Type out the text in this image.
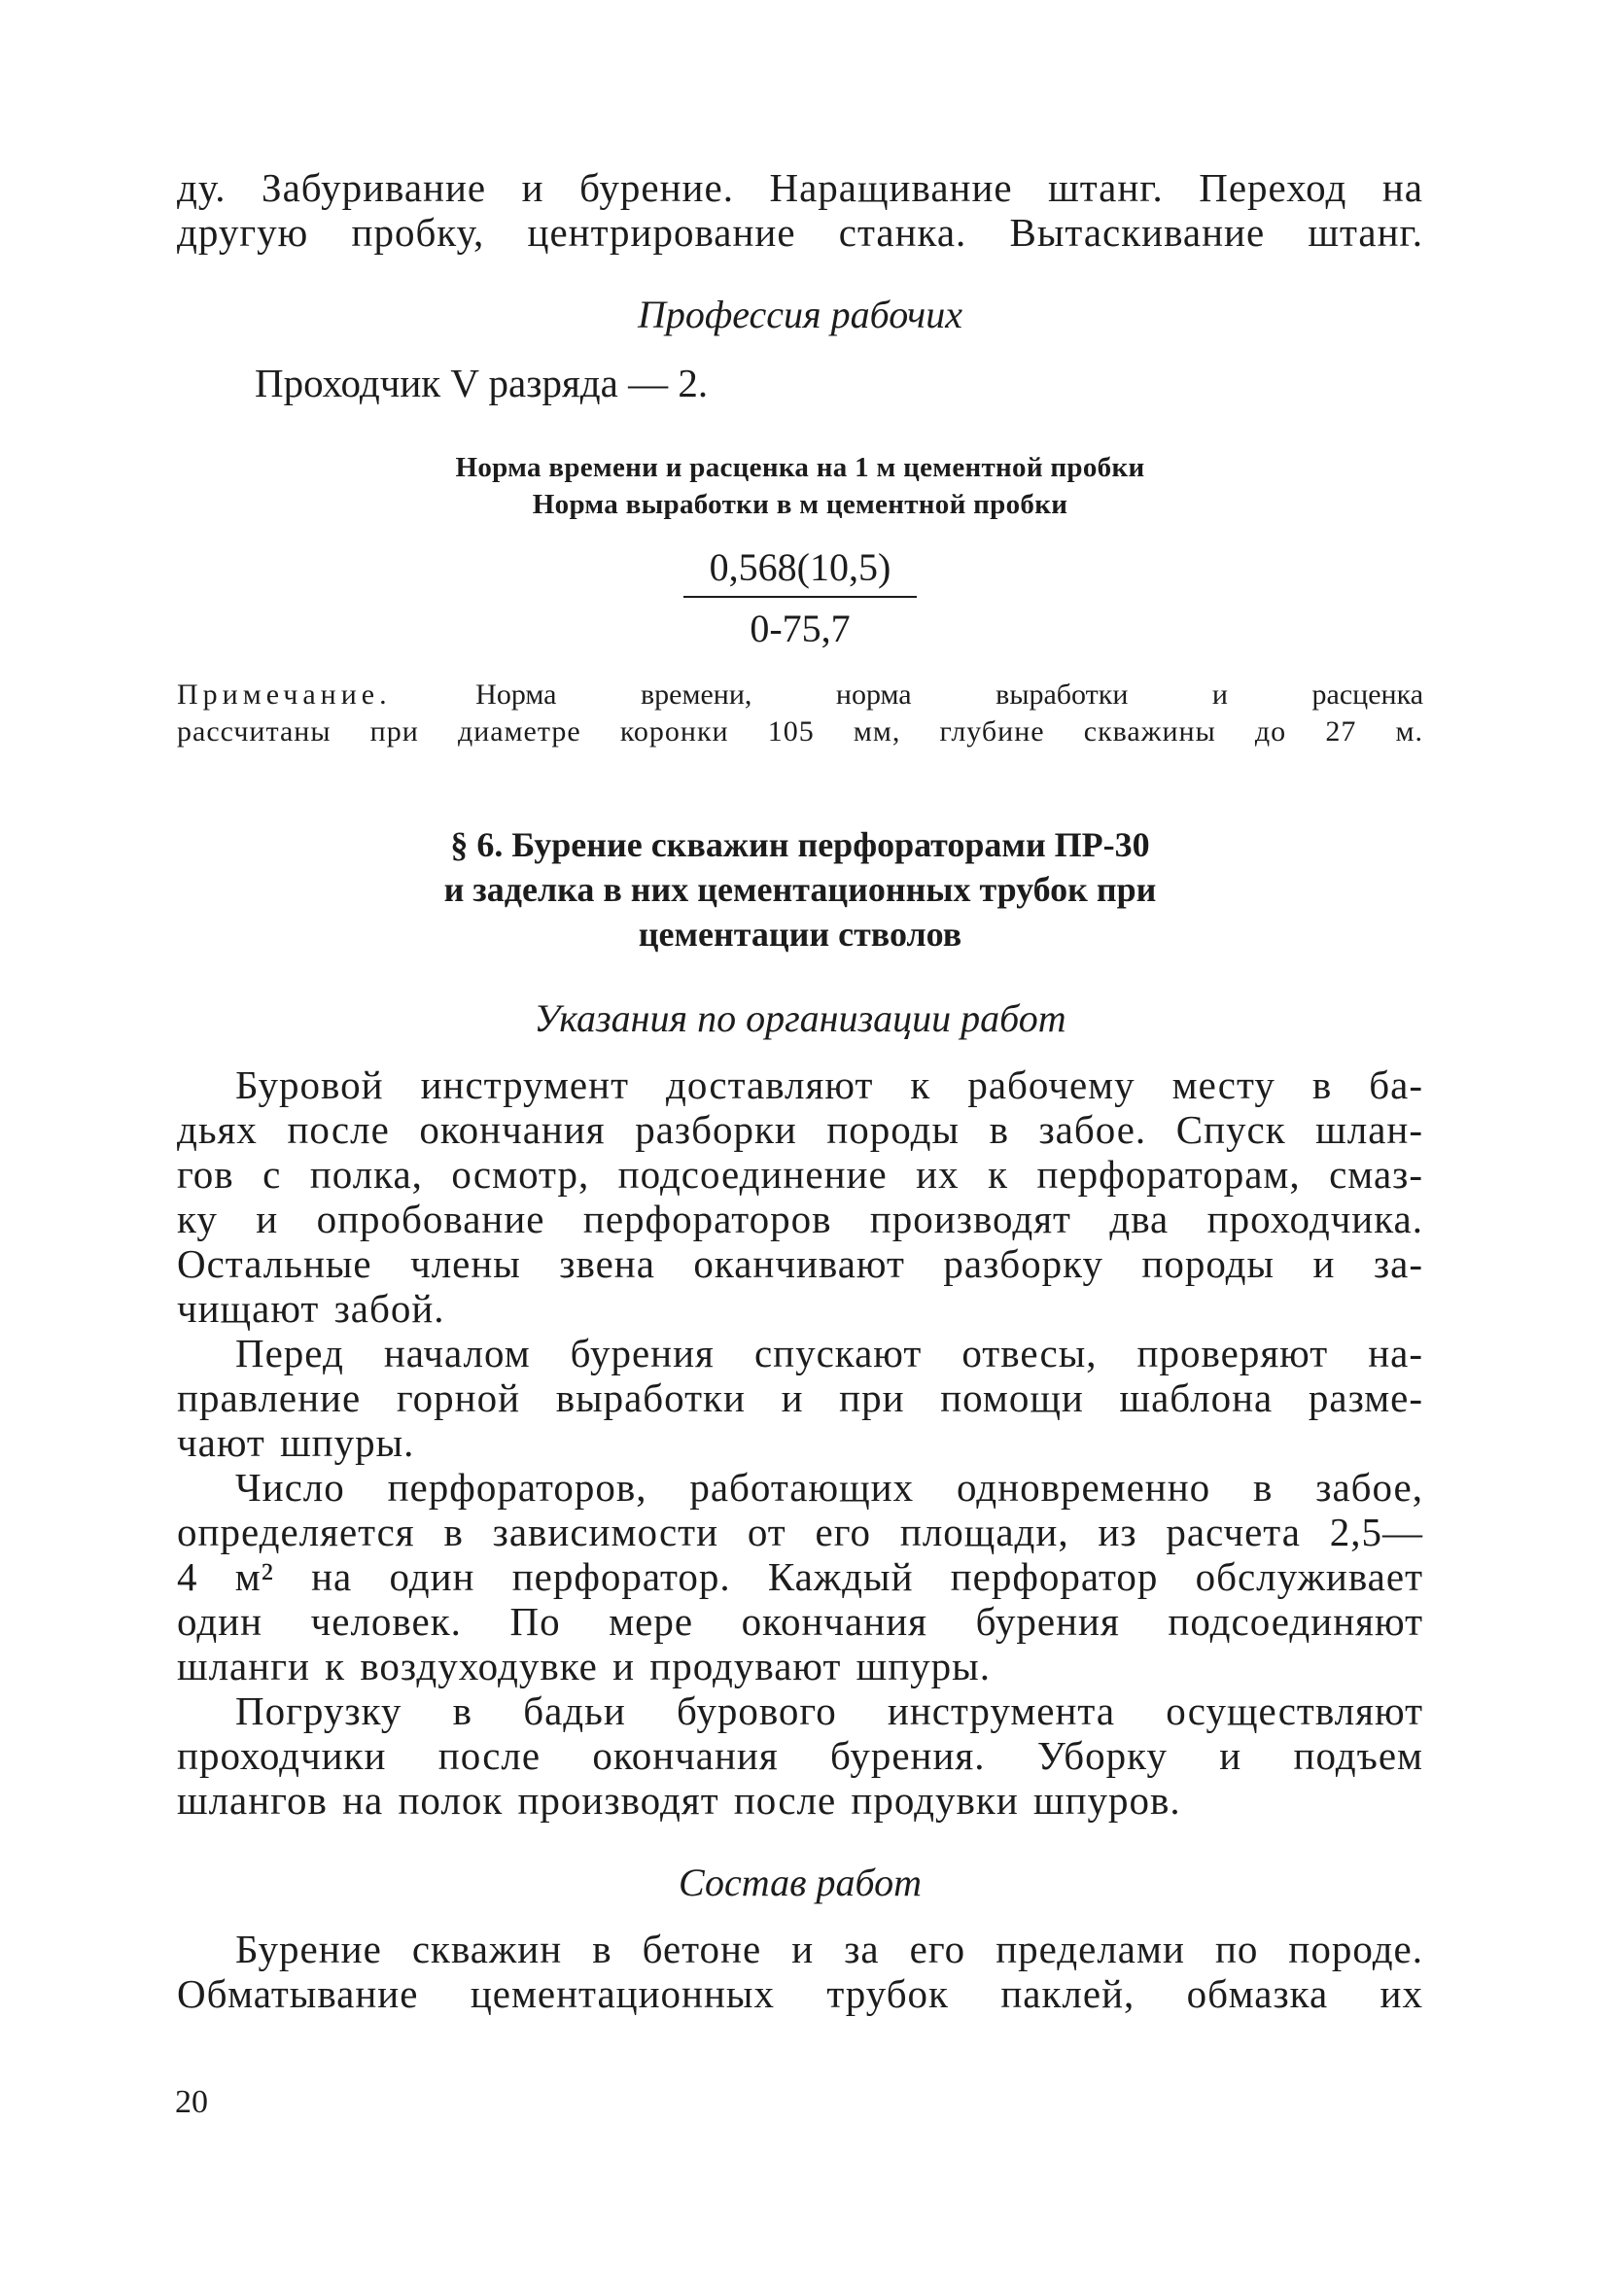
ду. Забуривание и бурение. Наращивание штанг. Переход на
другую пробку, центрирование станка. Вытаскивание штанг.

Профессия рабочих

Проходчик V разряда — 2.

Норма времени и расценка на 1 м цементной пробки
Норма выработки в м цементной пробки
0,568(10,5)
0-75,7
Примечание.	Норма времени, норма выработки и расценка
рассчитаны при диаметре коронки 105 мм, глубине скважины до 27 м.
§ 6. Бурение скважин перфораторами ПР-30
и заделка в них цементационных трубок при
цементации стволов

Указания по организации работ

Буровой инструмент доставляют к рабочему месту в ба-
дьях после окончания разборки породы в забое. Спуск шлан-
гов с полка, осмотр, подсоединение их к перфораторам, смаз-
ку и опробование перфораторов производят два проходчика.
Остальные члены звена оканчивают разборку породы и за-
чищают забой.

Перед началом бурения спускают отвесы, проверяют на-
правление горной выработки и при помощи шаблона разме-
чают шпуры.

Число перфораторов, работающих одновременно в забое,
определяется в зависимости от его площади, из расчета 2,5—
4 м² на один перфоратор. Каждый перфоратор обслуживает
один человек. По мере окончания бурения подсоединяют
шланги к воздуходувке и продувают шпуры.

Погрузку в бадьи бурового инструмента осуществляют
проходчики после окончания бурения. Уборку и подъем
шлангов на полок производят после продувки шпуров.

Состав работ

Бурение скважин в бетоне и за его пределами по породе.
Обматывание цементационных трубок паклей, обмазка их

20
